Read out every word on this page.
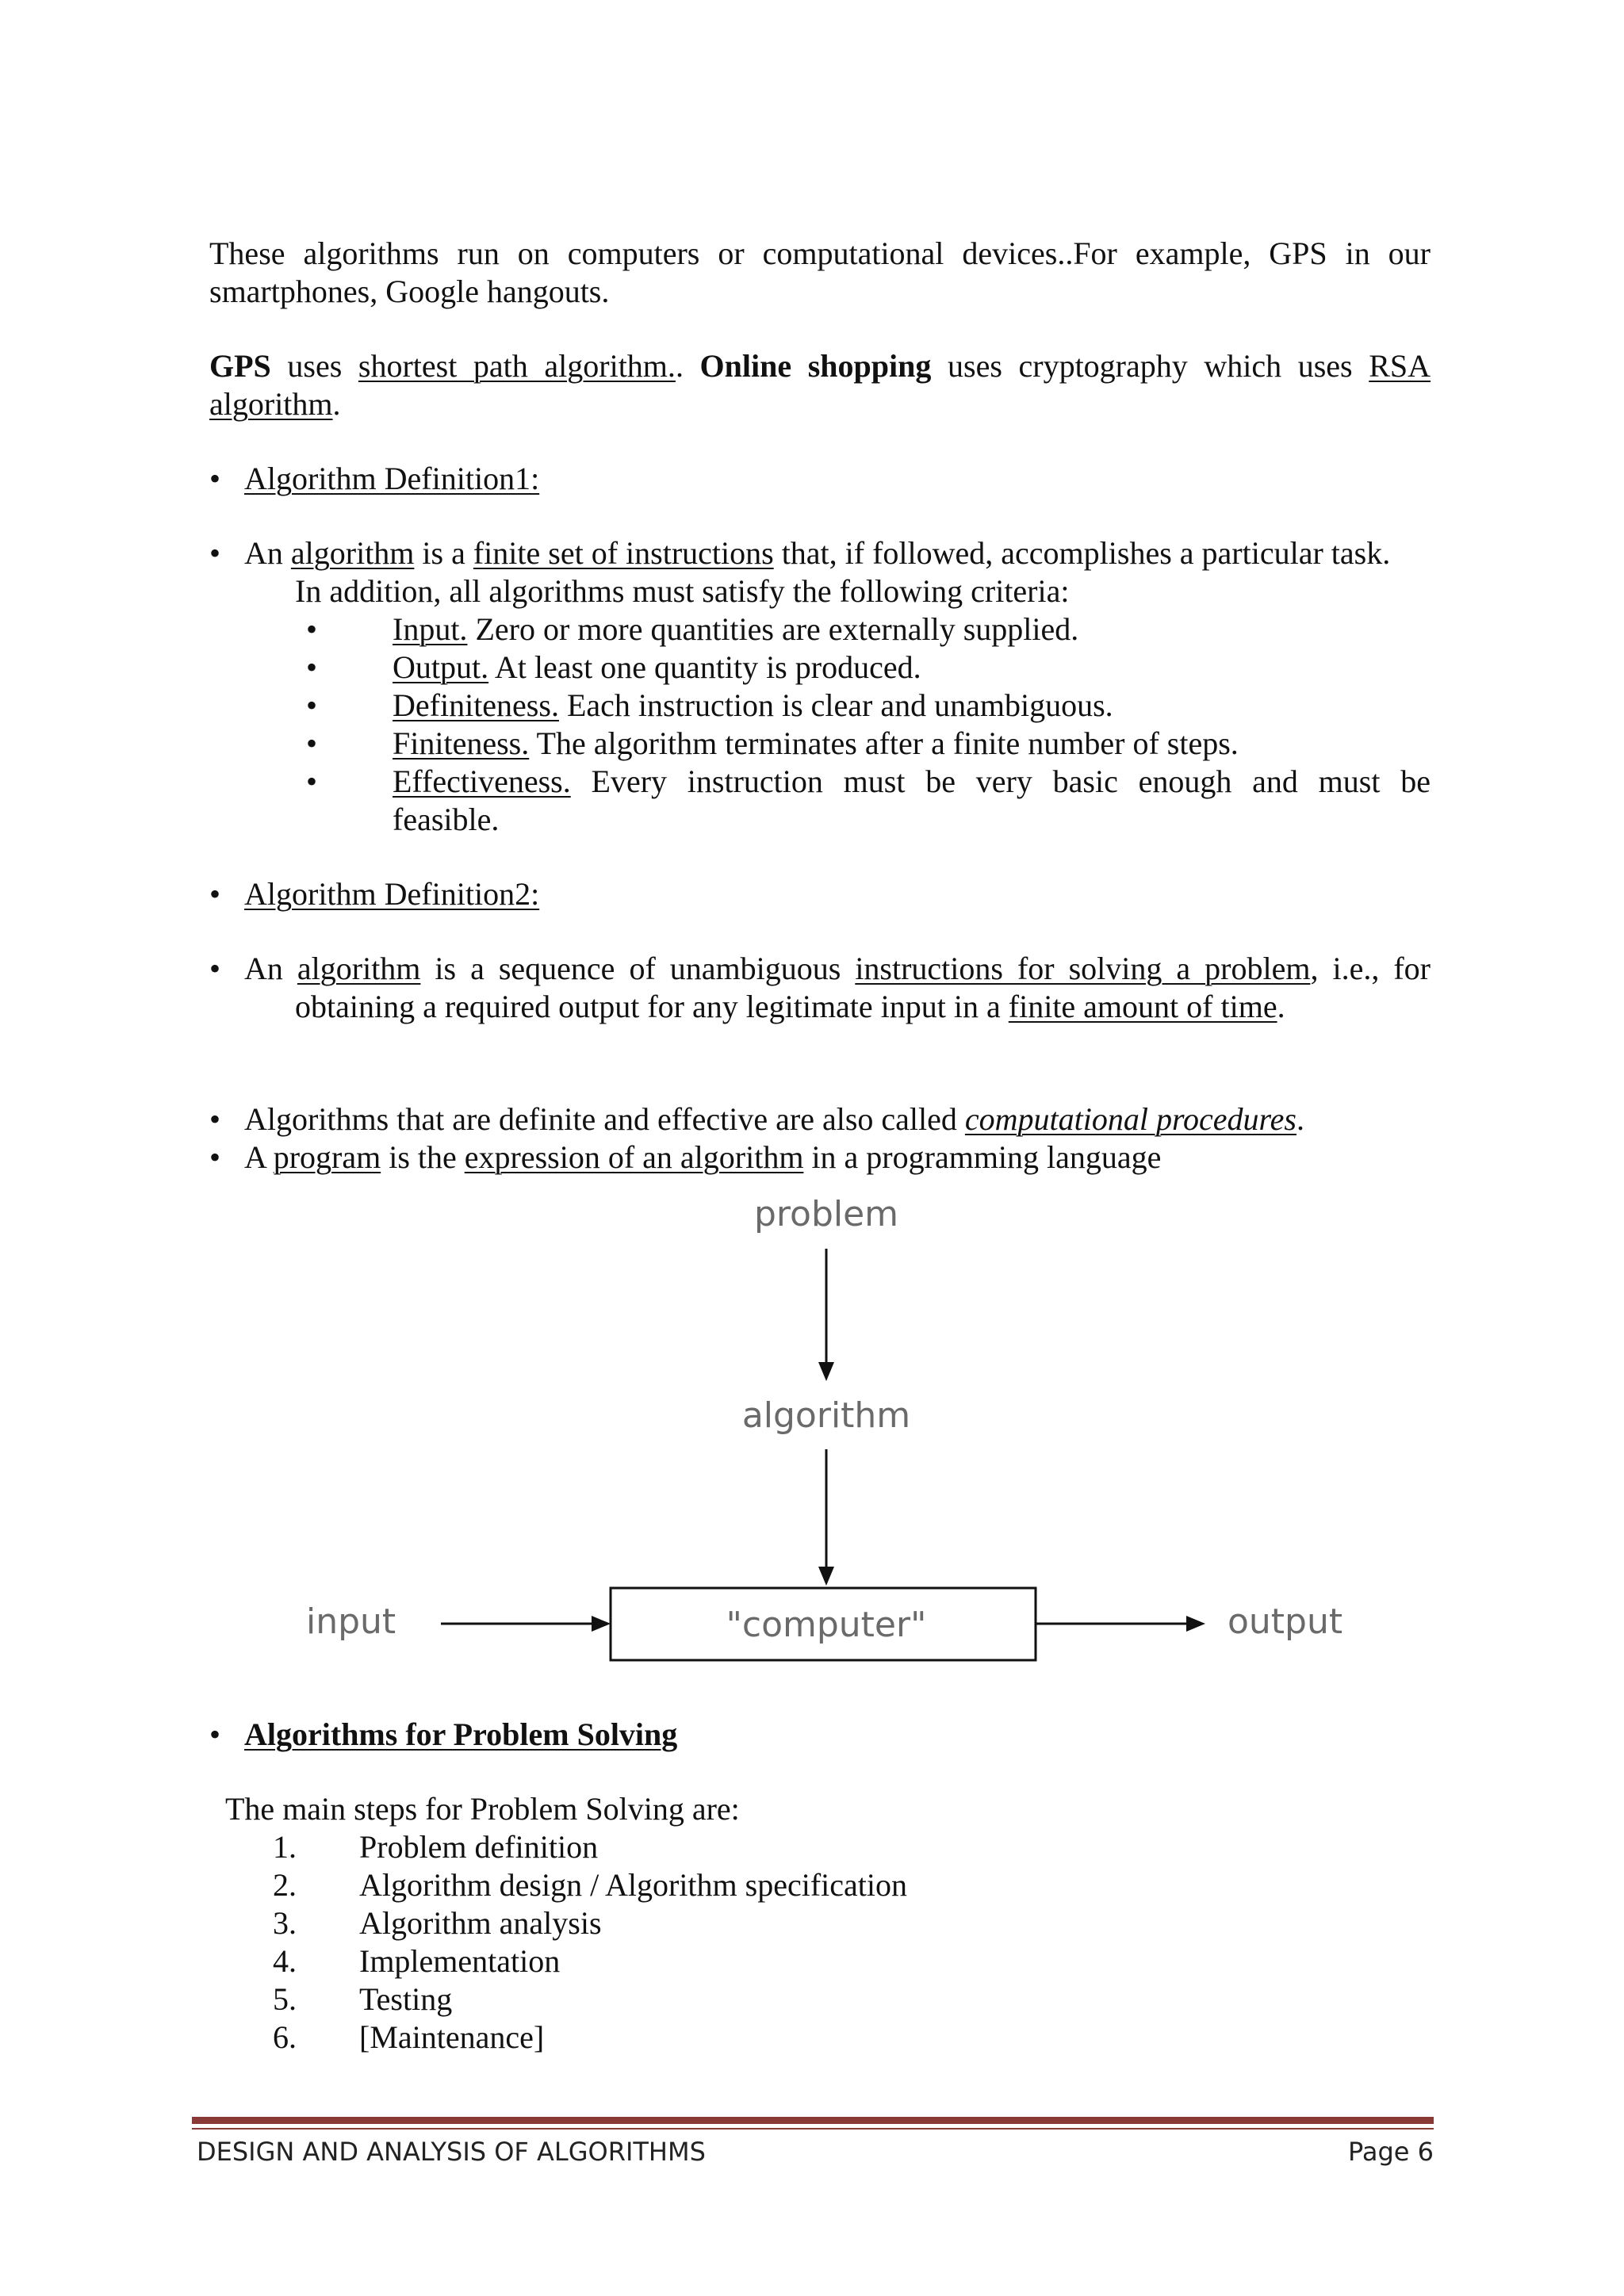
These algorithms run on computers or computational devices..For example, GPS in our
smartphones, Google hangouts.
GPS uses shortest path algorithm.. Online shopping uses cryptography which uses RSA
algorithm.
• Algorithm Definition1:
• An algorithm is a finite set of instructions that, if followed, accomplishes a particular task.
In addition, all algorithms must satisfy the following criteria:
• Input. Zero or more quantities are externally supplied.
• Output. At least one quantity is produced.
• Definiteness. Each instruction is clear and unambiguous.
• Finiteness. The algorithm terminates after a finite number of steps.
• Effectiveness. Every instruction must be very basic enough and must be
feasible.
• Algorithm Definition2:
• An algorithm is a sequence of unambiguous instructions for solving a problem, i.e., for
obtaining a required output for any legitimate input in a finite amount of time.
• Algorithms that are definite and effective are also called computational procedures.
• A program is the expression of an algorithm in a programming language
problem
algorithm
"computer"
input	output
• Algorithms for Problem Solving
The main steps for Problem Solving are:
1. Problem definition
2. Algorithm design / Algorithm specification
3. Algorithm analysis
4. Implementation
5. Testing
6. [Maintenance]
DESIGN AND ANALYSIS OF ALGORITHMS	Page 6
